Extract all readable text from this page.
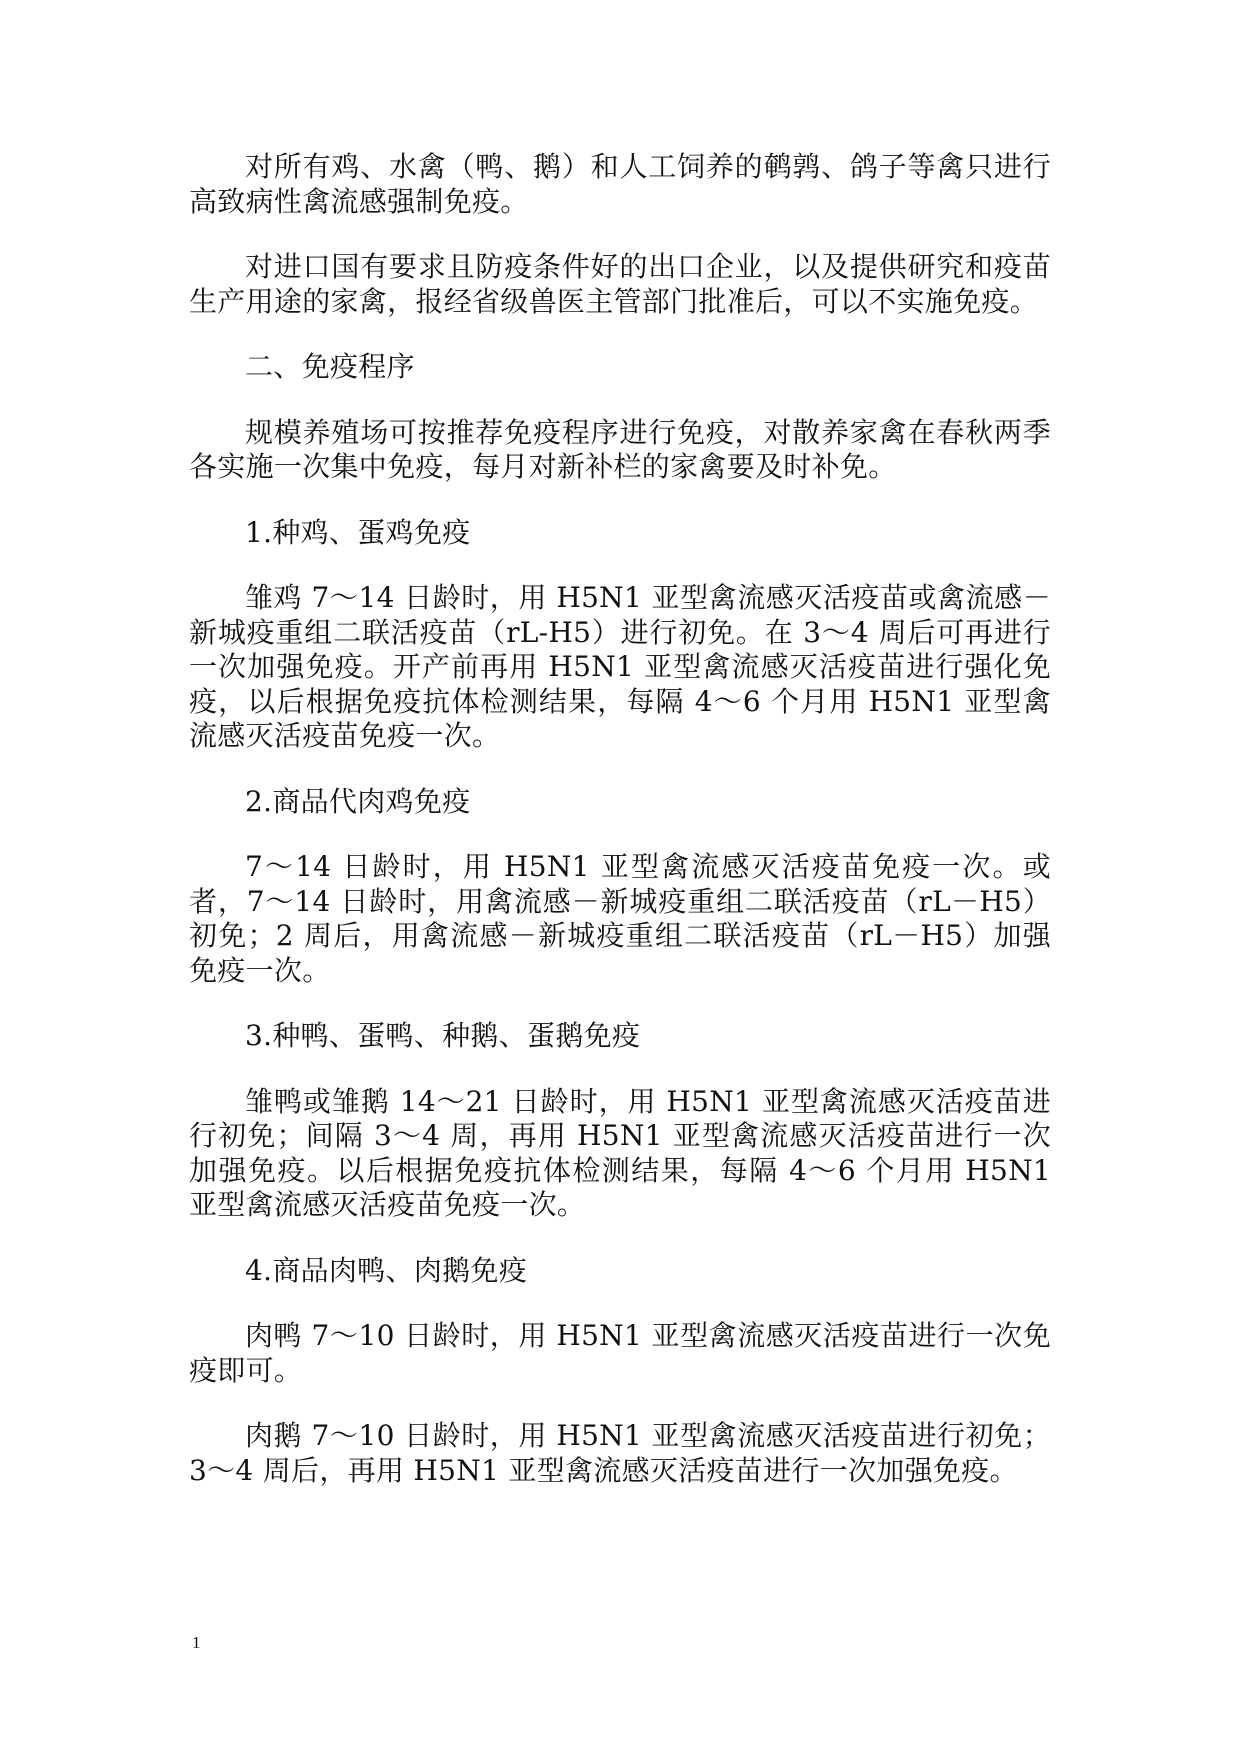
对所有鸡、水禽（鸭、鹅）和人工饲养的鹌鹑、鸽子等禽只进行高致病性禽流感强制免疫。

对进口国有要求且防疫条件好的出口企业，以及提供研究和疫苗生产用途的家禽，报经省级兽医主管部门批准后，可以不实施免疫。

二、免疫程序

规模养殖场可按推荐免疫程序进行免疫，对散养家禽在春秋两季各实施一次集中免疫，每月对新补栏的家禽要及时补免。

1.种鸡、蛋鸡免疫

雏鸡 7～14 日龄时，用 H5N1 亚型禽流感灭活疫苗或禽流感－新城疫重组二联活疫苗（rL-H5）进行初免。在 3～4 周后可再进行一次加强免疫。开产前再用 H5N1 亚型禽流感灭活疫苗进行强化免疫，以后根据免疫抗体检测结果，每隔 4～6 个月用 H5N1 亚型禽流感灭活疫苗免疫一次。

2.商品代肉鸡免疫

7～14 日龄时，用 H5N1 亚型禽流感灭活疫苗免疫一次。或者，7～14 日龄时，用禽流感－新城疫重组二联活疫苗（rL－H5）初免；2 周后，用禽流感－新城疫重组二联活疫苗（rL－H5）加强免疫一次。

3.种鸭、蛋鸭、种鹅、蛋鹅免疫

雏鸭或雏鹅 14～21 日龄时，用 H5N1 亚型禽流感灭活疫苗进行初免；间隔 3～4 周，再用 H5N1 亚型禽流感灭活疫苗进行一次加强免疫。以后根据免疫抗体检测结果，每隔 4～6 个月用 H5N1 亚型禽流感灭活疫苗免疫一次。

4.商品肉鸭、肉鹅免疫

肉鸭 7～10 日龄时，用 H5N1 亚型禽流感灭活疫苗进行一次免疫即可。

肉鹅 7～10 日龄时，用 H5N1 亚型禽流感灭活疫苗进行初免；3～4 周后，再用 H5N1 亚型禽流感灭活疫苗进行一次加强免疫。

1
